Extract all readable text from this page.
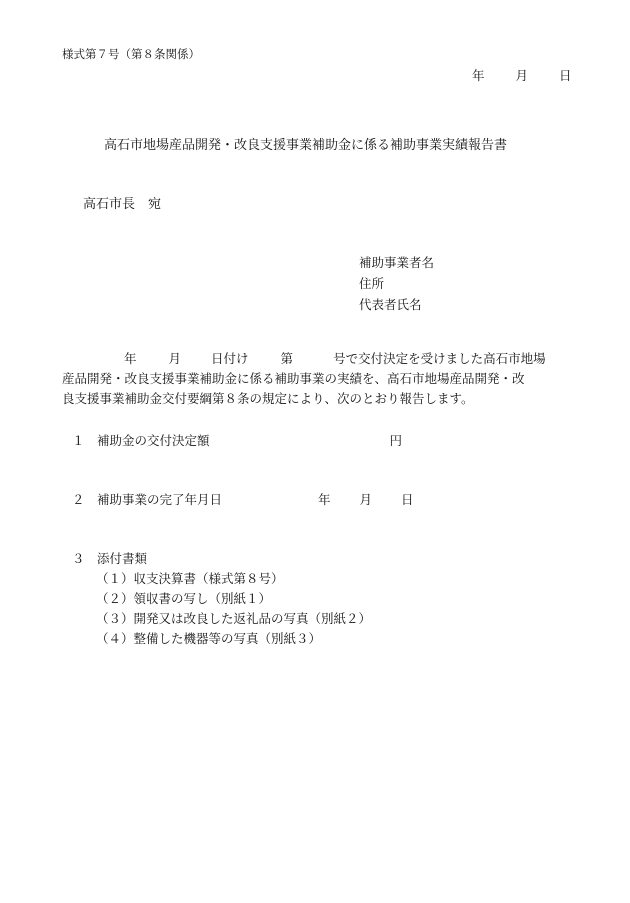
様式第７号（第８条関係）
年 月 日
高石市地場産品開発・改良支援事業補助金に係る補助事業実績報告書
高石市長　宛
補助事業者名
住所
代表者氏名
年	月 日付け	第	号で交付決定を受けました高石市地場
産品開発・改良支援事業補助金に係る補助事業の実績を、高石市地場産品開発・改
良支援事業補助金交付要綱第８条の規定により、次のとおり報告します。
１ 補助金の交付決定額	円
２ 補助事業の完了年月日	年 月 日
３ 添付書類
（１）収支決算書（様式第８号）
（２）領収書の写し（別紙１）
（３）開発又は改良した返礼品の写真（別紙２）
（４）整備した機器等の写真（別紙３）
